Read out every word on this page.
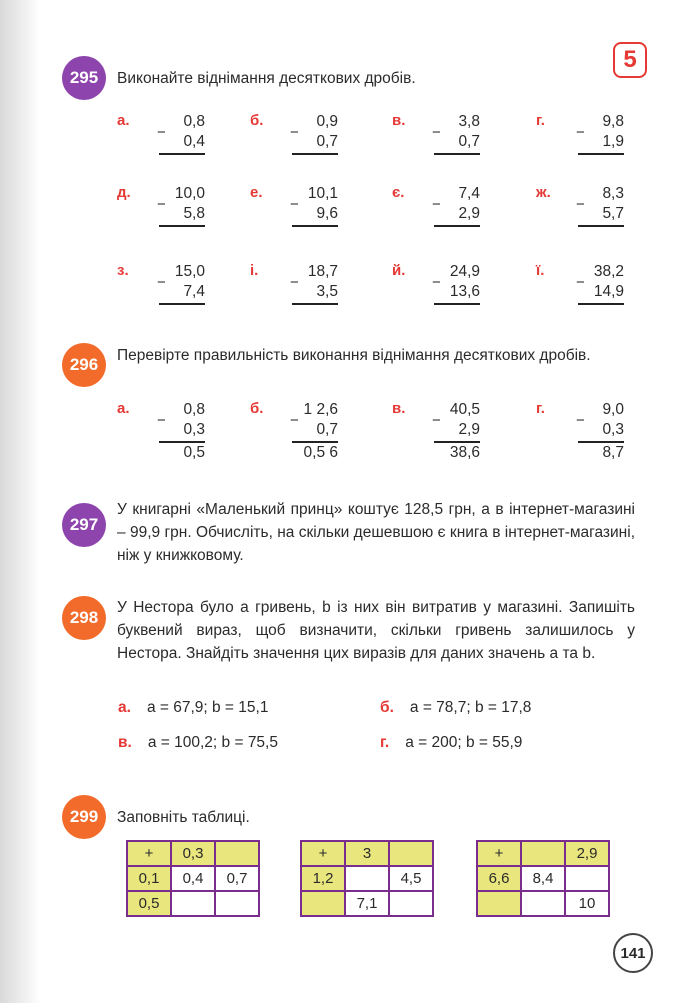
5
295	Виконайте віднімання десяткових дробів.
а.
−
0,8
0,4
б.
−
0,9
0,7
в.
−
3,8
0,7
г.
−
9,8
1,9
д.
−
10,0
5,8
е.
−
10,1
9,6
є.
−
7,4
2,9
ж.
−
8,3
5,7
з.
−
15,0
7,4
і.
−
18,7
3,5
й.
−
24,9
13,6
ї.
−
38,2
14,9
296	Перевірте правильність виконання віднімання десяткових дробів.
а.
−
0,8
0,3
0,5
б.
−
1 2,6
0,7
0,5 6
в.
−
40,5
2,9
38,6
г.
−
9,0
0,3
8,7
297
У книгарні «Маленький принц» коштує 128,5 грн, а в інтернет-магазині – 99,9 грн. Обчисліть, на скільки дешевшою є книга в інтернет-магазині, ніж у книжковому.
298
У Нестора було a гривень, b із них він витратив у магазині. Запишіть буквений вираз, щоб визначити, скільки гривень залишилось у Нестора. Знайдіть значення цих виразів для даних значень a та b.
а. a = 67,9; b = 15,1	б. a = 78,7; b = 17,8
в. a = 100,2; b = 75,5	г. a = 200; b = 55,9
299	Заповніть таблиці.
+	0,3	
0,1	0,4	0,7
0,5		
+	3	
1,2		4,5
	7,1	
+		2,9
6,6	8,4	
		10
141
